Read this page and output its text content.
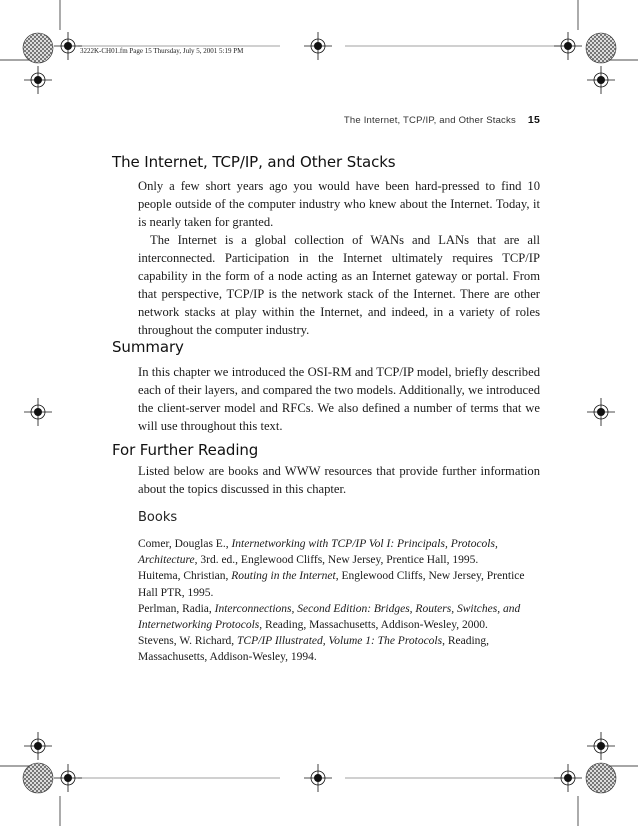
3222K-CH01.fm Page 15 Thursday, July 5, 2001 5:19 PM
The Internet, TCP/IP, and Other Stacks 15
The Internet, TCP/IP, and Other Stacks

Only a few short years ago you would have been hard-pressed to find 10 people outside of the computer industry who knew about the Internet. Today, it is nearly taken for granted.

The Internet is a global collection of WANs and LANs that are all interconnected. Participation in the Internet ultimately requires TCP/IP capability in the form of a node acting as an Internet gateway or portal. From that perspective, TCP/IP is the network stack of the Internet. There are other network stacks at play within the Internet, and indeed, in a variety of roles throughout the computer industry.

Summary

In this chapter we introduced the OSI-RM and TCP/IP model, briefly described each of their layers, and compared the two models. Additionally, we introduced the client-server model and RFCs. We also defined a number of terms that we will use throughout this text.

For Further Reading

Listed below are books and WWW resources that provide further information about the topics discussed in this chapter.

Books

Comer, Douglas E., Internetworking with TCP/IP Vol I: Principals, Protocols, Architecture, 3rd. ed., Englewood Cliffs, New Jersey, Prentice Hall, 1995.

Huitema, Christian, Routing in the Internet, Englewood Cliffs, New Jersey, Prentice Hall PTR, 1995.

Perlman, Radia, Interconnections, Second Edition: Bridges, Routers, Switches, and Internetworking Protocols, Reading, Massachusetts, Addison-Wesley, 2000.

Stevens, W. Richard, TCP/IP Illustrated, Volume 1: The Protocols, Reading, Massachusetts, Addison-Wesley, 1994.
